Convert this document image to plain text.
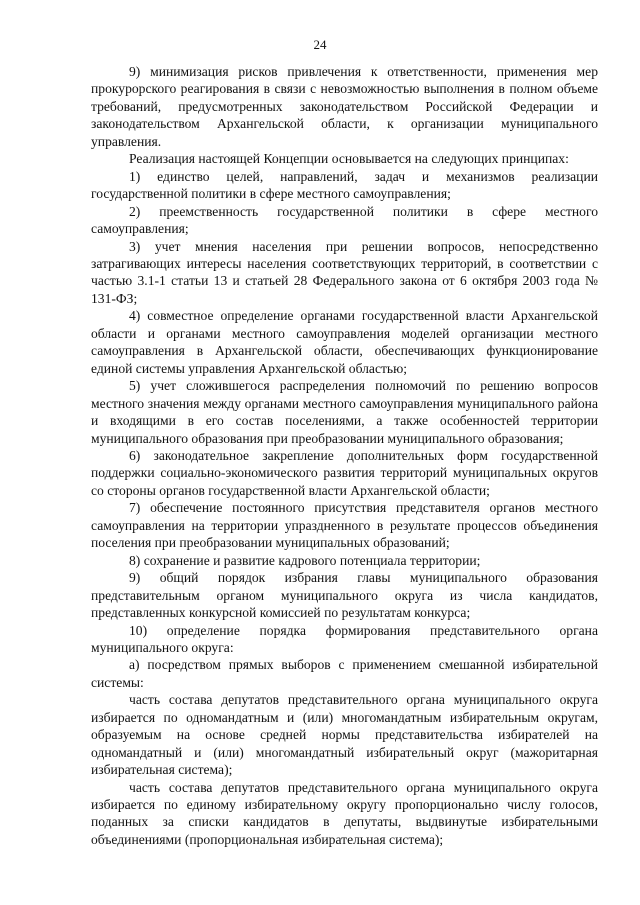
24

9) минимизация рисков привлечения к ответственности, применения мер прокурорского реагирования в связи с невозможностью выполнения в полном объеме требований, предусмотренных законодательством Российской Федерации и законодательством Архангельской области, к организации муниципального управления.

Реализация настоящей Концепции основывается на следующих принципах:

1) единство целей, направлений, задач и механизмов реализации государственной политики в сфере местного самоуправления;

2) преемственность государственной политики в сфере местного самоуправления;

3) учет мнения населения при решении вопросов, непосредственно затрагивающих интересы населения соответствующих территорий, в соответствии с частью 3.1-1 статьи 13 и статьей 28 Федерального закона от 6 октября 2003 года № 131-ФЗ;

4) совместное определение органами государственной власти Архангельской области и органами местного самоуправления моделей организации местного самоуправления в Архангельской области, обеспечивающих функционирование единой системы управления Архангельской областью;

5) учет сложившегося распределения полномочий по решению вопросов местного значения между органами местного самоуправления муниципального района и входящими в его состав поселениями, а также особенностей территории муниципального образования при преобразовании муниципального образования;

6) законодательное закрепление дополнительных форм государственной поддержки социально-экономического развития территорий муниципальных округов со стороны органов государственной власти Архангельской области;

7) обеспечение постоянного присутствия представителя органов местного самоуправления на территории упраздненного в результате процессов объединения поселения при преобразовании муниципальных образований;

8) сохранение и развитие кадрового потенциала территории;

9) общий порядок избрания главы муниципального образования представительным органом муниципального округа из числа кандидатов, представленных конкурсной комиссией по результатам конкурса;

10) определение порядка формирования представительного органа муниципального округа:

а) посредством прямых выборов с применением смешанной избирательной системы:

часть состава депутатов представительного органа муниципального округа избирается по одномандатным и (или) многомандатным избирательным округам, образуемым на основе средней нормы представительства избирателей на одномандатный и (или) многомандатный избирательный округ (мажоритарная избирательная система);

часть состава депутатов представительного органа муниципального округа избирается по единому избирательному округу пропорционально числу голосов, поданных за списки кандидатов в депутаты, выдвинутые избирательными объединениями (пропорциональная избирательная система);
